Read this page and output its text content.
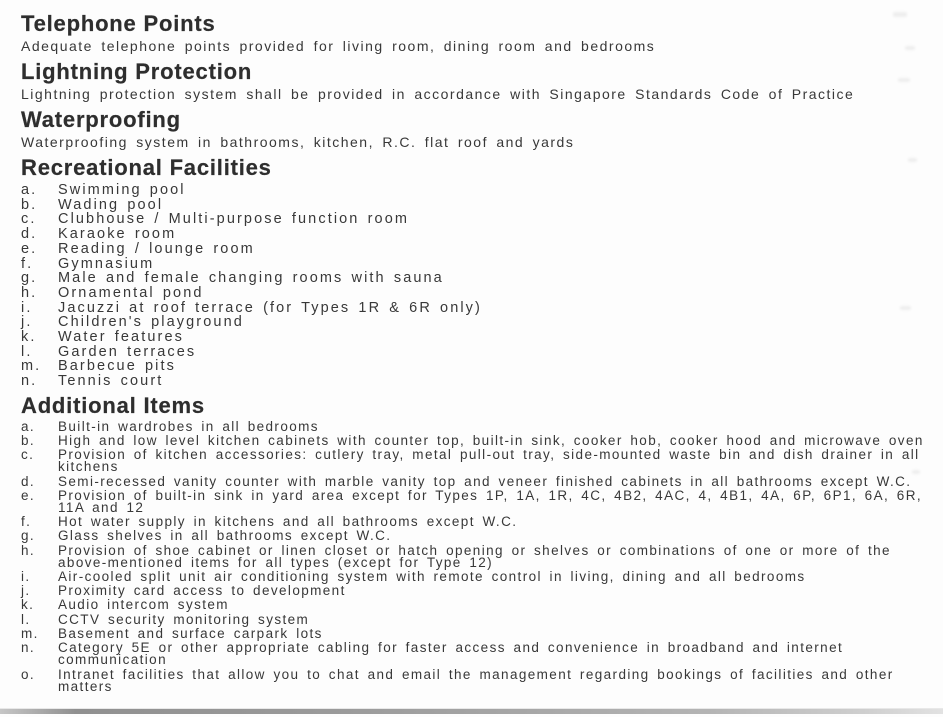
Telephone Points

Adequate telephone points provided for living room, dining room and bedrooms

Lightning Protection

Lightning protection system shall be provided in accordance with Singapore Standards Code of Practice

Waterproofing

Waterproofing system in bathrooms, kitchen, R.C. flat roof and yards

Recreational Facilities
a.	Swimming pool
b.	Wading pool
c.	Clubhouse / Multi-purpose function room
d.	Karaoke room
e.	Reading / lounge room
f.	Gymnasium
g.	Male and female changing rooms with sauna
h.	Ornamental pond
i.	Jacuzzi at roof terrace (for Types 1R & 6R only)
j.	Children's playground
k.	Water features
l.	Garden terraces
m.	Barbecue pits
n.	Tennis court
Additional Items
a.	Built-in wardrobes in all bedrooms
b.	High and low level kitchen cabinets with counter top, built-in sink, cooker hob, cooker hood and microwave oven
c.	Provision of kitchen accessories: cutlery tray, metal pull-out tray, side-mounted waste bin and dish drainer in all kitchens
d.	Semi-recessed vanity counter with marble vanity top and veneer finished cabinets in all bathrooms except W.C.
e.	Provision of built-in sink in yard area except for Types 1P, 1A, 1R, 4C, 4B2, 4AC, 4, 4B1, 4A, 6P, 6P1, 6A, 6R, 11A and 12
f.	Hot water supply in kitchens and all bathrooms except W.C.
g.	Glass shelves in all bathrooms except W.C.
h.	Provision of shoe cabinet or linen closet or hatch opening or shelves or combinations of one or more of the above-mentioned items for all types (except for Type 12)
i.	Air-cooled split unit air conditioning system with remote control in living, dining and all bedrooms
j.	Proximity card access to development
k.	Audio intercom system
l.	CCTV security monitoring system
m.	Basement and surface carpark lots
n.	Category 5E or other appropriate cabling for faster access and convenience in broadband and internet communication
o.	Intranet facilities that allow you to chat and email the management regarding bookings of facilities and other matters
